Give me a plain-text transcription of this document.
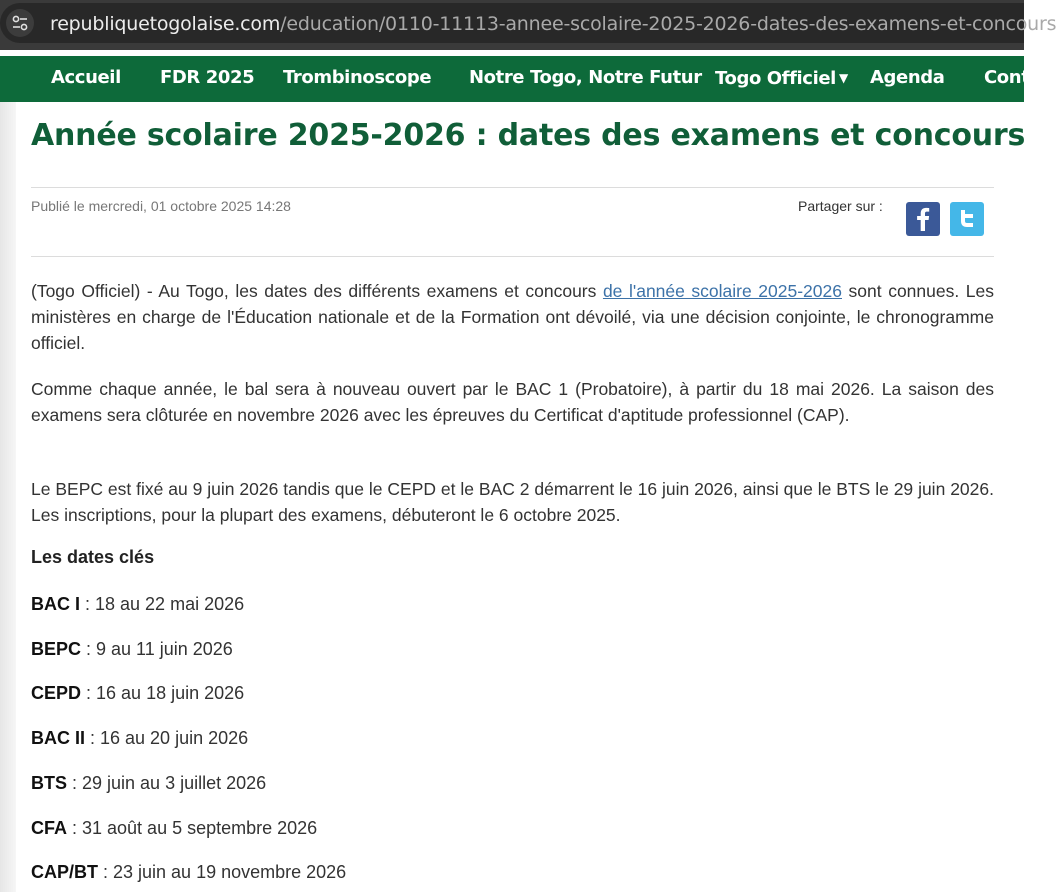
republiquetogolaise.com/education/0110-11113-annee-scolaire-2025-2026-dates-des-examens-et-concours
Accueil FDR 2025 Trombinoscope Notre Togo, Notre Futur Togo Officiel ▼ Agenda Cont
Année scolaire 2025-2026 : dates des examens et concours
Publié le mercredi, 01 octobre 2025 14:28	Partager sur :

(Togo Officiel) - Au Togo, les dates des différents examens et concours de l'année scolaire 2025-2026 sont connues. Les ministères en charge de l'Éducation nationale et de la Formation ont dévoilé, via une décision conjointe, le chronogramme officiel.

Comme chaque année, le bal sera à nouveau ouvert par le BAC 1 (Probatoire), à partir du 18 mai 2026. La saison des examens sera clôturée en novembre 2026 avec les épreuves du Certificat d'aptitude professionnel (CAP).

Le BEPC est fixé au 9 juin 2026 tandis que le CEPD et le BAC 2 démarrent le 16 juin 2026, ainsi que le BTS le 29 juin 2026. Les inscriptions, pour la plupart des examens, débuteront le 6 octobre 2025.

Les dates clés
BAC I : 18 au 22 mai 2026
BEPC : 9 au 11 juin 2026
CEPD : 16 au 18 juin 2026
BAC II : 16 au 20 juin 2026
BTS : 29 juin au 3 juillet 2026
CFA : 31 août au 5 septembre 2026
CAP/BT : 23 juin au 19 novembre 2026
